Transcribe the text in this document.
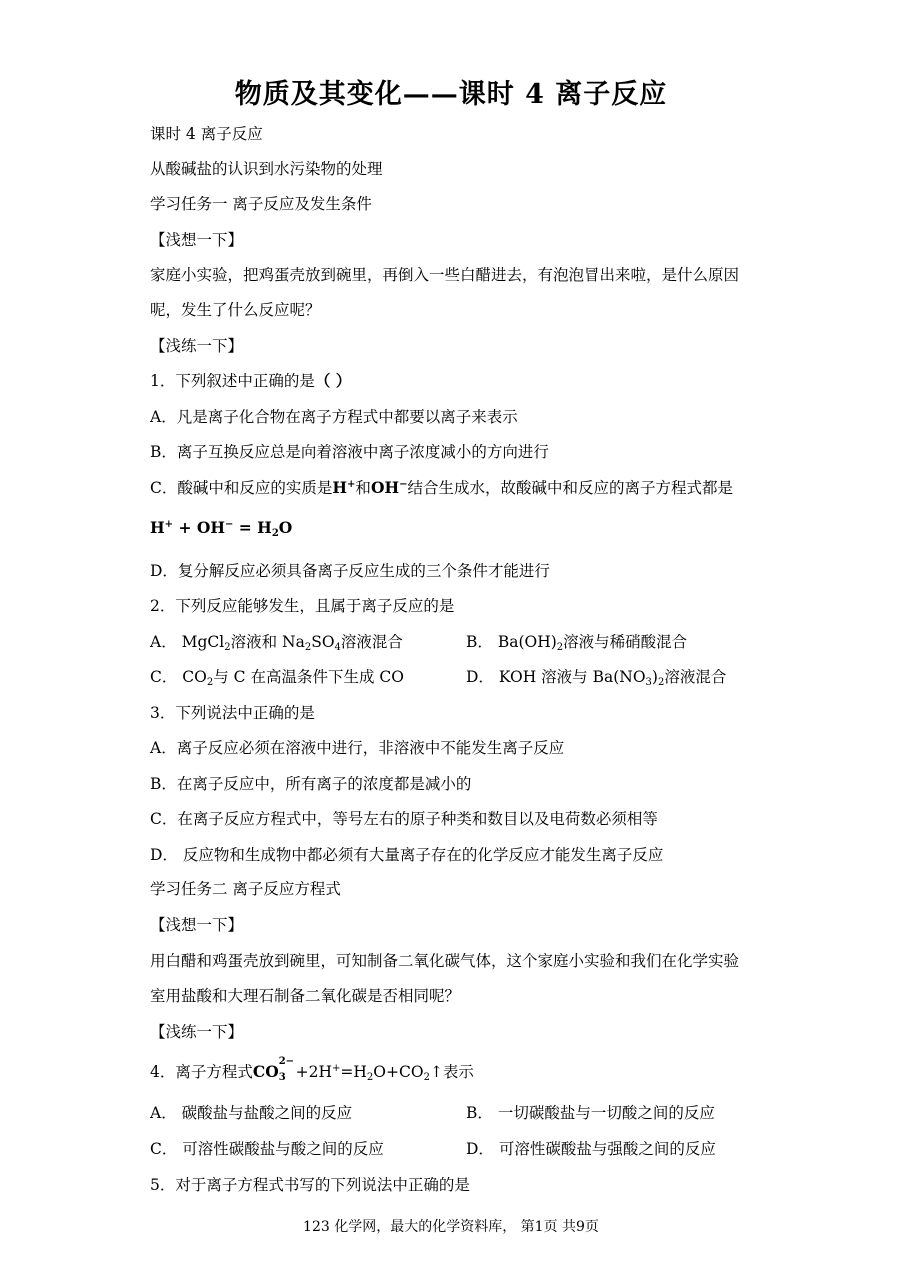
物质及其变化——课时 4 离子反应
课时 4 离子反应
从酸碱盐的认识到水污染物的处理
学习任务一 离子反应及发生条件
【浅想一下】
家庭小实验，把鸡蛋壳放到碗里，再倒入一些白醋进去，有泡泡冒出来啦，是什么原因
呢，发生了什么反应呢？
【浅练一下】
1．下列叙述中正确的是（ ）
A．凡是离子化合物在离子方程式中都要以离子来表示
B．离子互换反应总是向着溶液中离子浓度减小的方向进行
C．酸碱中和反应的实质是H+和OH−结合生成水，故酸碱中和反应的离子方程式都是
$H^+ + OH^- = H_2O$
D．复分解反应必须具备离子反应生成的三个条件才能进行
2．下列反应能够发生，且属于离子反应的是
A． MgCl$_2$溶液和 $Na_2SO_4$溶液混合	B． $Ba(OH)_2$溶液与稀硝酸混合
C． $CO_2$与 C 在高温条件下生成 CO	D． KOH 溶液与 $Ba(NO_3)_2$溶液混合
3．下列说法中正确的是
A．离子反应必须在溶液中进行，非溶液中不能发生离子反应
B．在离子反应中，所有离子的浓度都是减小的
C．在离子反应方程式中，等号左右的原子种类和数目以及电荷数必须相等
D． 反应物和生成物中都必须有大量离子存在的化学反应才能发生离子反应
学习任务二 离子反应方程式
【浅想一下】
用白醋和鸡蛋壳放到碗里，可知制备二氧化碳气体，这个家庭小实验和我们在化学实验
室用盐酸和大理石制备二氧化碳是否相同呢？
【浅练一下】
4．离子方程式CO
2−
$3 +2H^+=H_2O+CO_2↑$表示
A． 碳酸盐与盐酸之间的反应	B． 一切碳酸盐与一切酸之间的反应
C． 可溶性碳酸盐与酸之间的反应	D． 可溶性碳酸盐与强酸之间的反应
5．对于离子方程式书写的下列说法中正确的是
123 化学网，最大的化学资料库， 第1页 共9页
